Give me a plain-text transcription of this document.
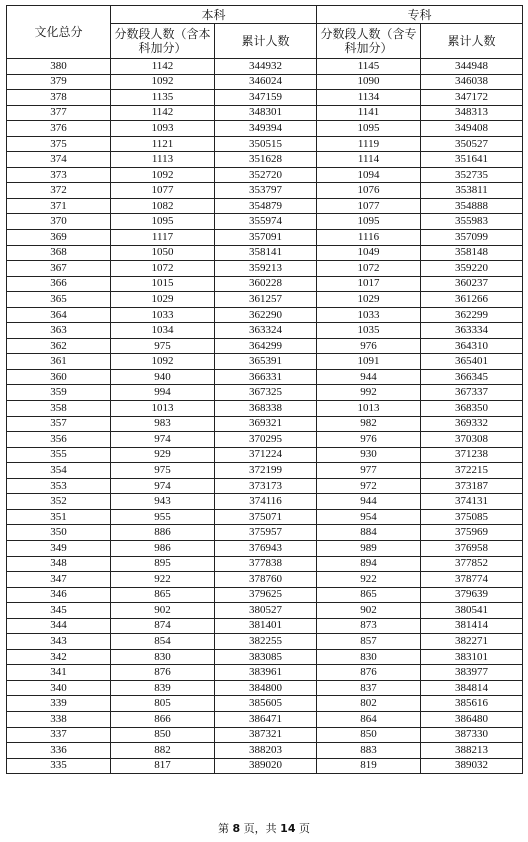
文化总分	本科		专科	
	分数段人数（含本科加分）	累计人数	分数段人数（含专科加分）	累计人数
380	1142	344932	1145	344948
379	1092	346024	1090	346038
378	1135	347159	1134	347172
377	1142	348301	1141	348313
376	1093	349394	1095	349408
375	1121	350515	1119	350527
374	1113	351628	1114	351641
373	1092	352720	1094	352735
372	1077	353797	1076	353811
371	1082	354879	1077	354888
370	1095	355974	1095	355983
369	1117	357091	1116	357099
368	1050	358141	1049	358148
367	1072	359213	1072	359220
366	1015	360228	1017	360237
365	1029	361257	1029	361266
364	1033	362290	1033	362299
363	1034	363324	1035	363334
362	975	364299	976	364310
361	1092	365391	1091	365401
360	940	366331	944	366345
359	994	367325	992	367337
358	1013	368338	1013	368350
357	983	369321	982	369332
356	974	370295	976	370308
355	929	371224	930	371238
354	975	372199	977	372215
353	974	373173	972	373187
352	943	374116	944	374131
351	955	375071	954	375085
350	886	375957	884	375969
349	986	376943	989	376958
348	895	377838	894	377852
347	922	378760	922	378774
346	865	379625	865	379639
345	902	380527	902	380541
344	874	381401	873	381414
343	854	382255	857	382271
342	830	383085	830	383101
341	876	383961	876	383977
340	839	384800	837	384814
339	805	385605	802	385616
338	866	386471	864	386480
337	850	387321	850	387330
336	882	388203	883	388213
335	817	389020	819	389032
第 8 页，共 14 页
